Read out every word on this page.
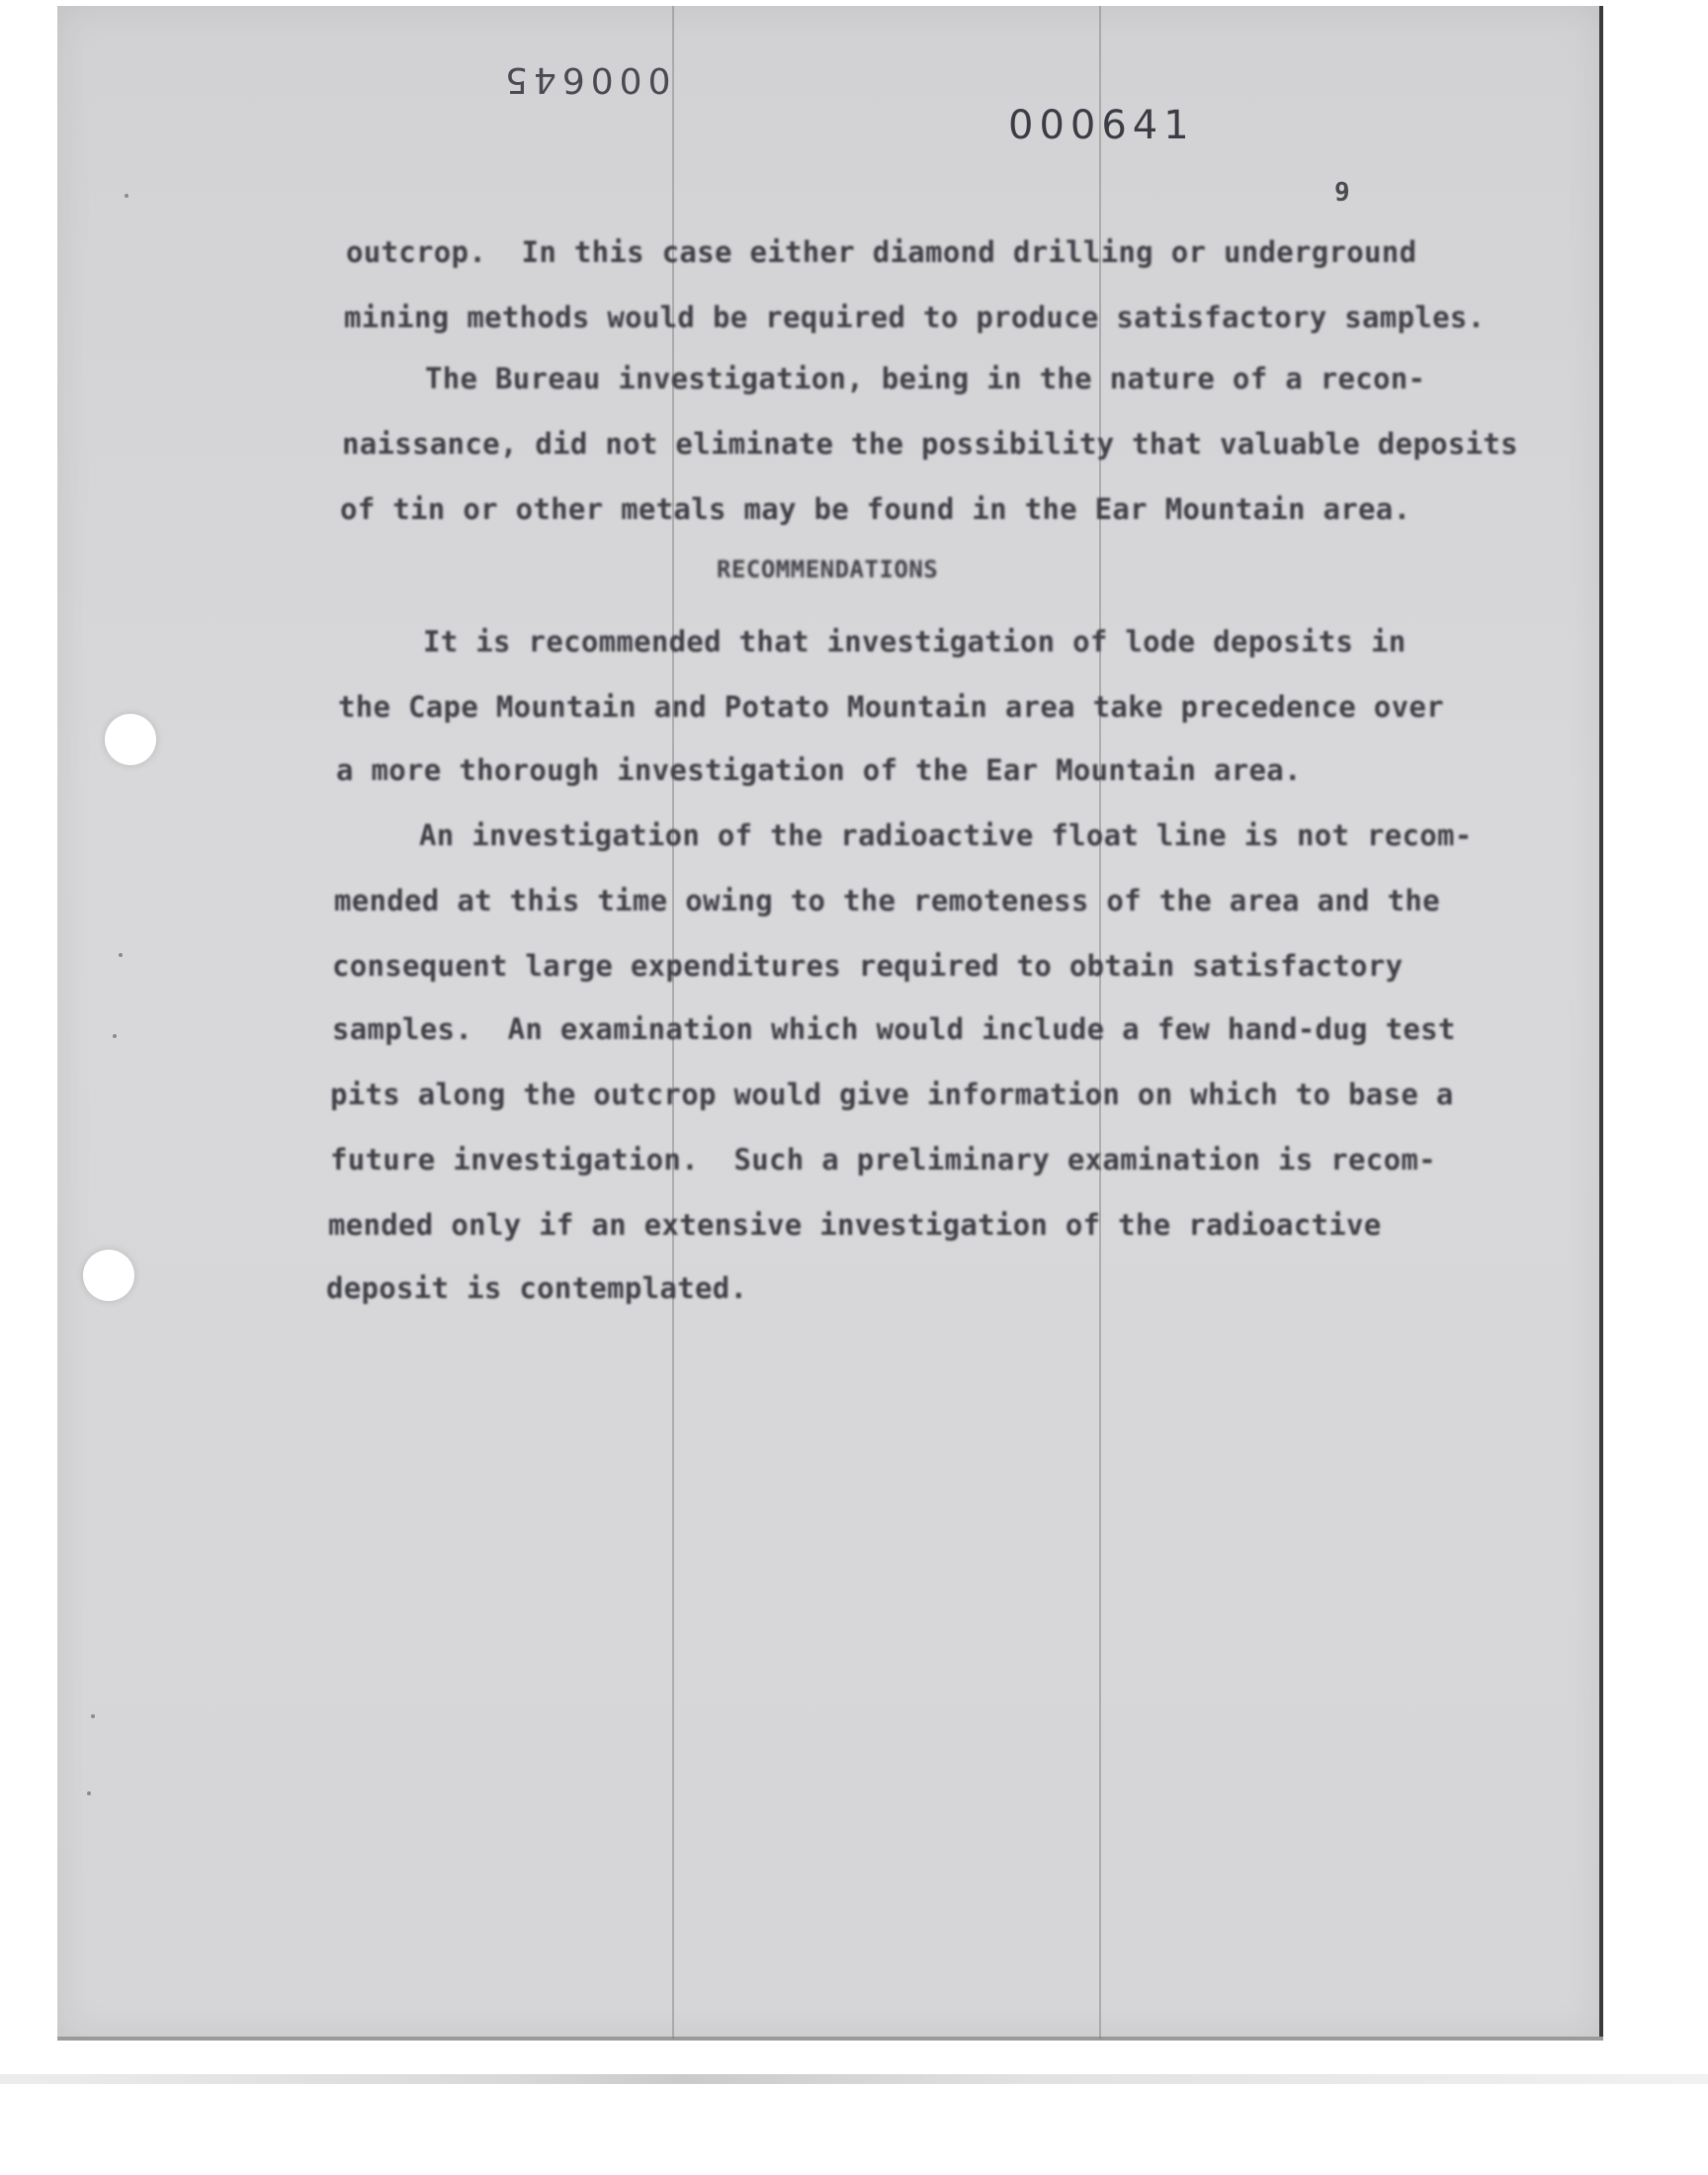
000645
000641
9
outcrop.  In this case either diamond drilling or underground
mining methods would be required to produce satisfactory samples.
The Bureau investigation, being in the nature of a recon-
naissance, did not eliminate the possibility that valuable deposits
of tin or other metals may be found in the Ear Mountain area.
RECOMMENDATIONS
It is recommended that investigation of lode deposits in
the Cape Mountain and Potato Mountain area take precedence over
a more thorough investigation of the Ear Mountain area.
An investigation of the radioactive float line is not recom-
mended at this time owing to the remoteness of the area and the
consequent large expenditures required to obtain satisfactory
samples.  An examination which would include a few hand-dug test
pits along the outcrop would give information on which to base a
future investigation.  Such a preliminary examination is recom-
mended only if an extensive investigation of the radioactive
deposit is contemplated.
